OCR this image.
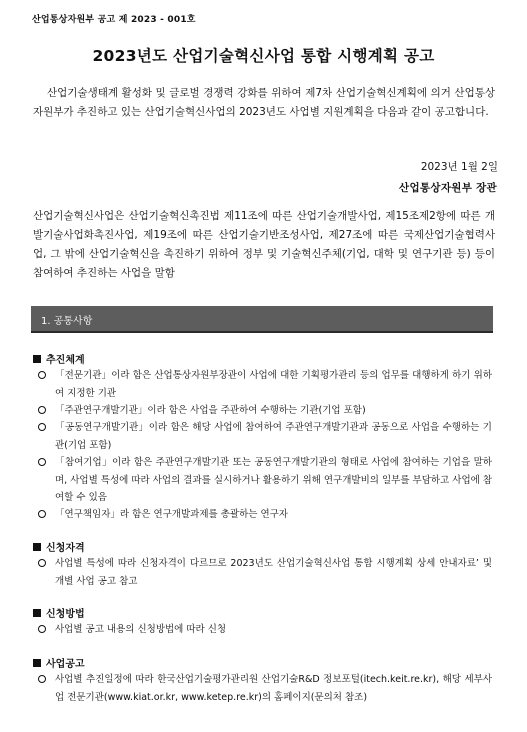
산업통상자원부 공고 제 2023 - 001호
2023년도 산업기술혁신사업 통합 시행계획 공고
산업기술생태계 활성화 및 글로벌 경쟁력 강화를 위하여 제7차 산업기술혁신계획에 의거 산업통상자원부가 추진하고 있는 산업기술혁신사업의 2023년도 사업별 지원계획을 다음과 같이 공고합니다.
2023년 1월 2일
산업통상자원부 장관
산업기술혁신사업은 산업기술혁신촉진법 제11조에 따른 산업기술개발사업, 제15조제2항에 따른 개발기술사업화촉진사업, 제19조에 따른 산업기술기반조성사업, 제27조에 따른 국제산업기술협력사업, 그 밖에 산업기술혁신을 촉진하기 위하여 정부 및 기술혁신주체(기업, 대학 및 연구기관 등) 등이 참여하여 추진하는 사업을 말함
1. 공통사항
추진체계
「전문기관」이라 함은 산업통상자원부장관이 사업에 대한 기획평가관리 등의 업무를 대행하게 하기 위하여 지정한 기관
「주관연구개발기관」이라 함은 사업을 주관하여 수행하는 기관(기업 포함)
「공동연구개발기관」이라 함은 해당 사업에 참여하여 주관연구개발기관과 공동으로 사업을 수행하는 기관(기업 포함)
「참여기업」이라 함은 주관연구개발기관 또는 공동연구개발기관의 형태로 사업에 참여하는 기업을 말하며, 사업별 특성에 따라 사업의 결과를 실시하거나 활용하기 위해 연구개발비의 일부를 부담하고 사업에 참여할 수 있음
「연구책임자」라 함은 연구개발과제를 총괄하는 연구자
신청자격
사업별 특성에 따라 신청자격이 다르므로 2023년도 산업기술혁신사업 통합 시행계획 상세 안내자료’ 및 개별 사업 공고 참고
신청방법
사업별 공고 내용의 신청방법에 따라 신청
사업공고
사업별 추진일정에 따라 한국산업기술평가관리원 산업기술R&D 정보포털(itech.keit.re.kr), 해당 세부사업 전문기관(www.kiat.or.kr, www.ketep.re.kr)의 홈페이지(문의처 참조)
